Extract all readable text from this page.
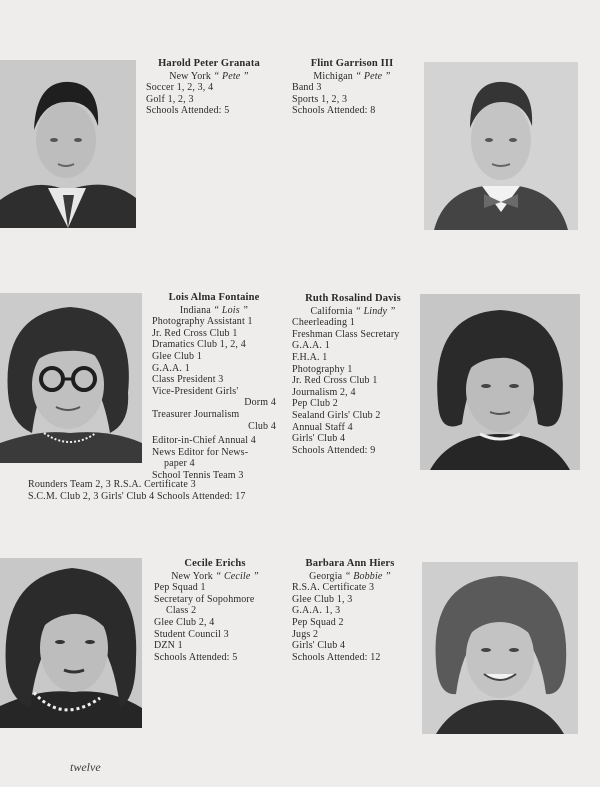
Harold Peter Granata
New York “ Pete ”
Soccer 1, 2, 3, 4
Golf 1, 2, 3
Schools Attended: 5
Flint Garrison III
Michigan “ Pete ”
Band 3
Sports 1, 2, 3
Schools Attended: 8
Lois Alma Fontaine
Indiana “ Lois ”
Photography Assistant 1
Jr. Red Cross Club 1
Dramatics Club 1, 2, 4
Glee Club 1
G.A.A. 1
Class President 3
Vice-President Girls'
Dorm 4
Treasurer Journalism
Club 4
Editor-in-Chief Annual 4
News Editor for News-
paper 4
School Tennis Team 3
Rounders Team 2, 3 R.S.A. Certificate 3
S.C.M. Club 2, 3 Girls' Club 4 Schools Attended: 17
Ruth Rosalind Davis
California “ Lindy ”
Cheerleading 1
Freshman Class Secretary
G.A.A. 1
F.H.A. 1
Photography 1
Jr. Red Cross Club 1
Journalism 2, 4
Pep Club 2
Sealand Girls' Club 2
Annual Staff 4
Girls' Club 4
Schools Attended: 9
Cecile Erichs
New York “ Cecile ”
Pep Squad 1
Secretary of Sopohmore
Class 2
Glee Club 2, 4
Student Council 3
DZN 1
Schools Attended: 5
Barbara Ann Hiers
Georgia “ Bobbie ”
R.S.A. Certificate 3
Glee Club 1, 3
G.A.A. 1, 3
Pep Squad 2
Jugs 2
Girls' Club 4
Schools Attended: 12
twelve
